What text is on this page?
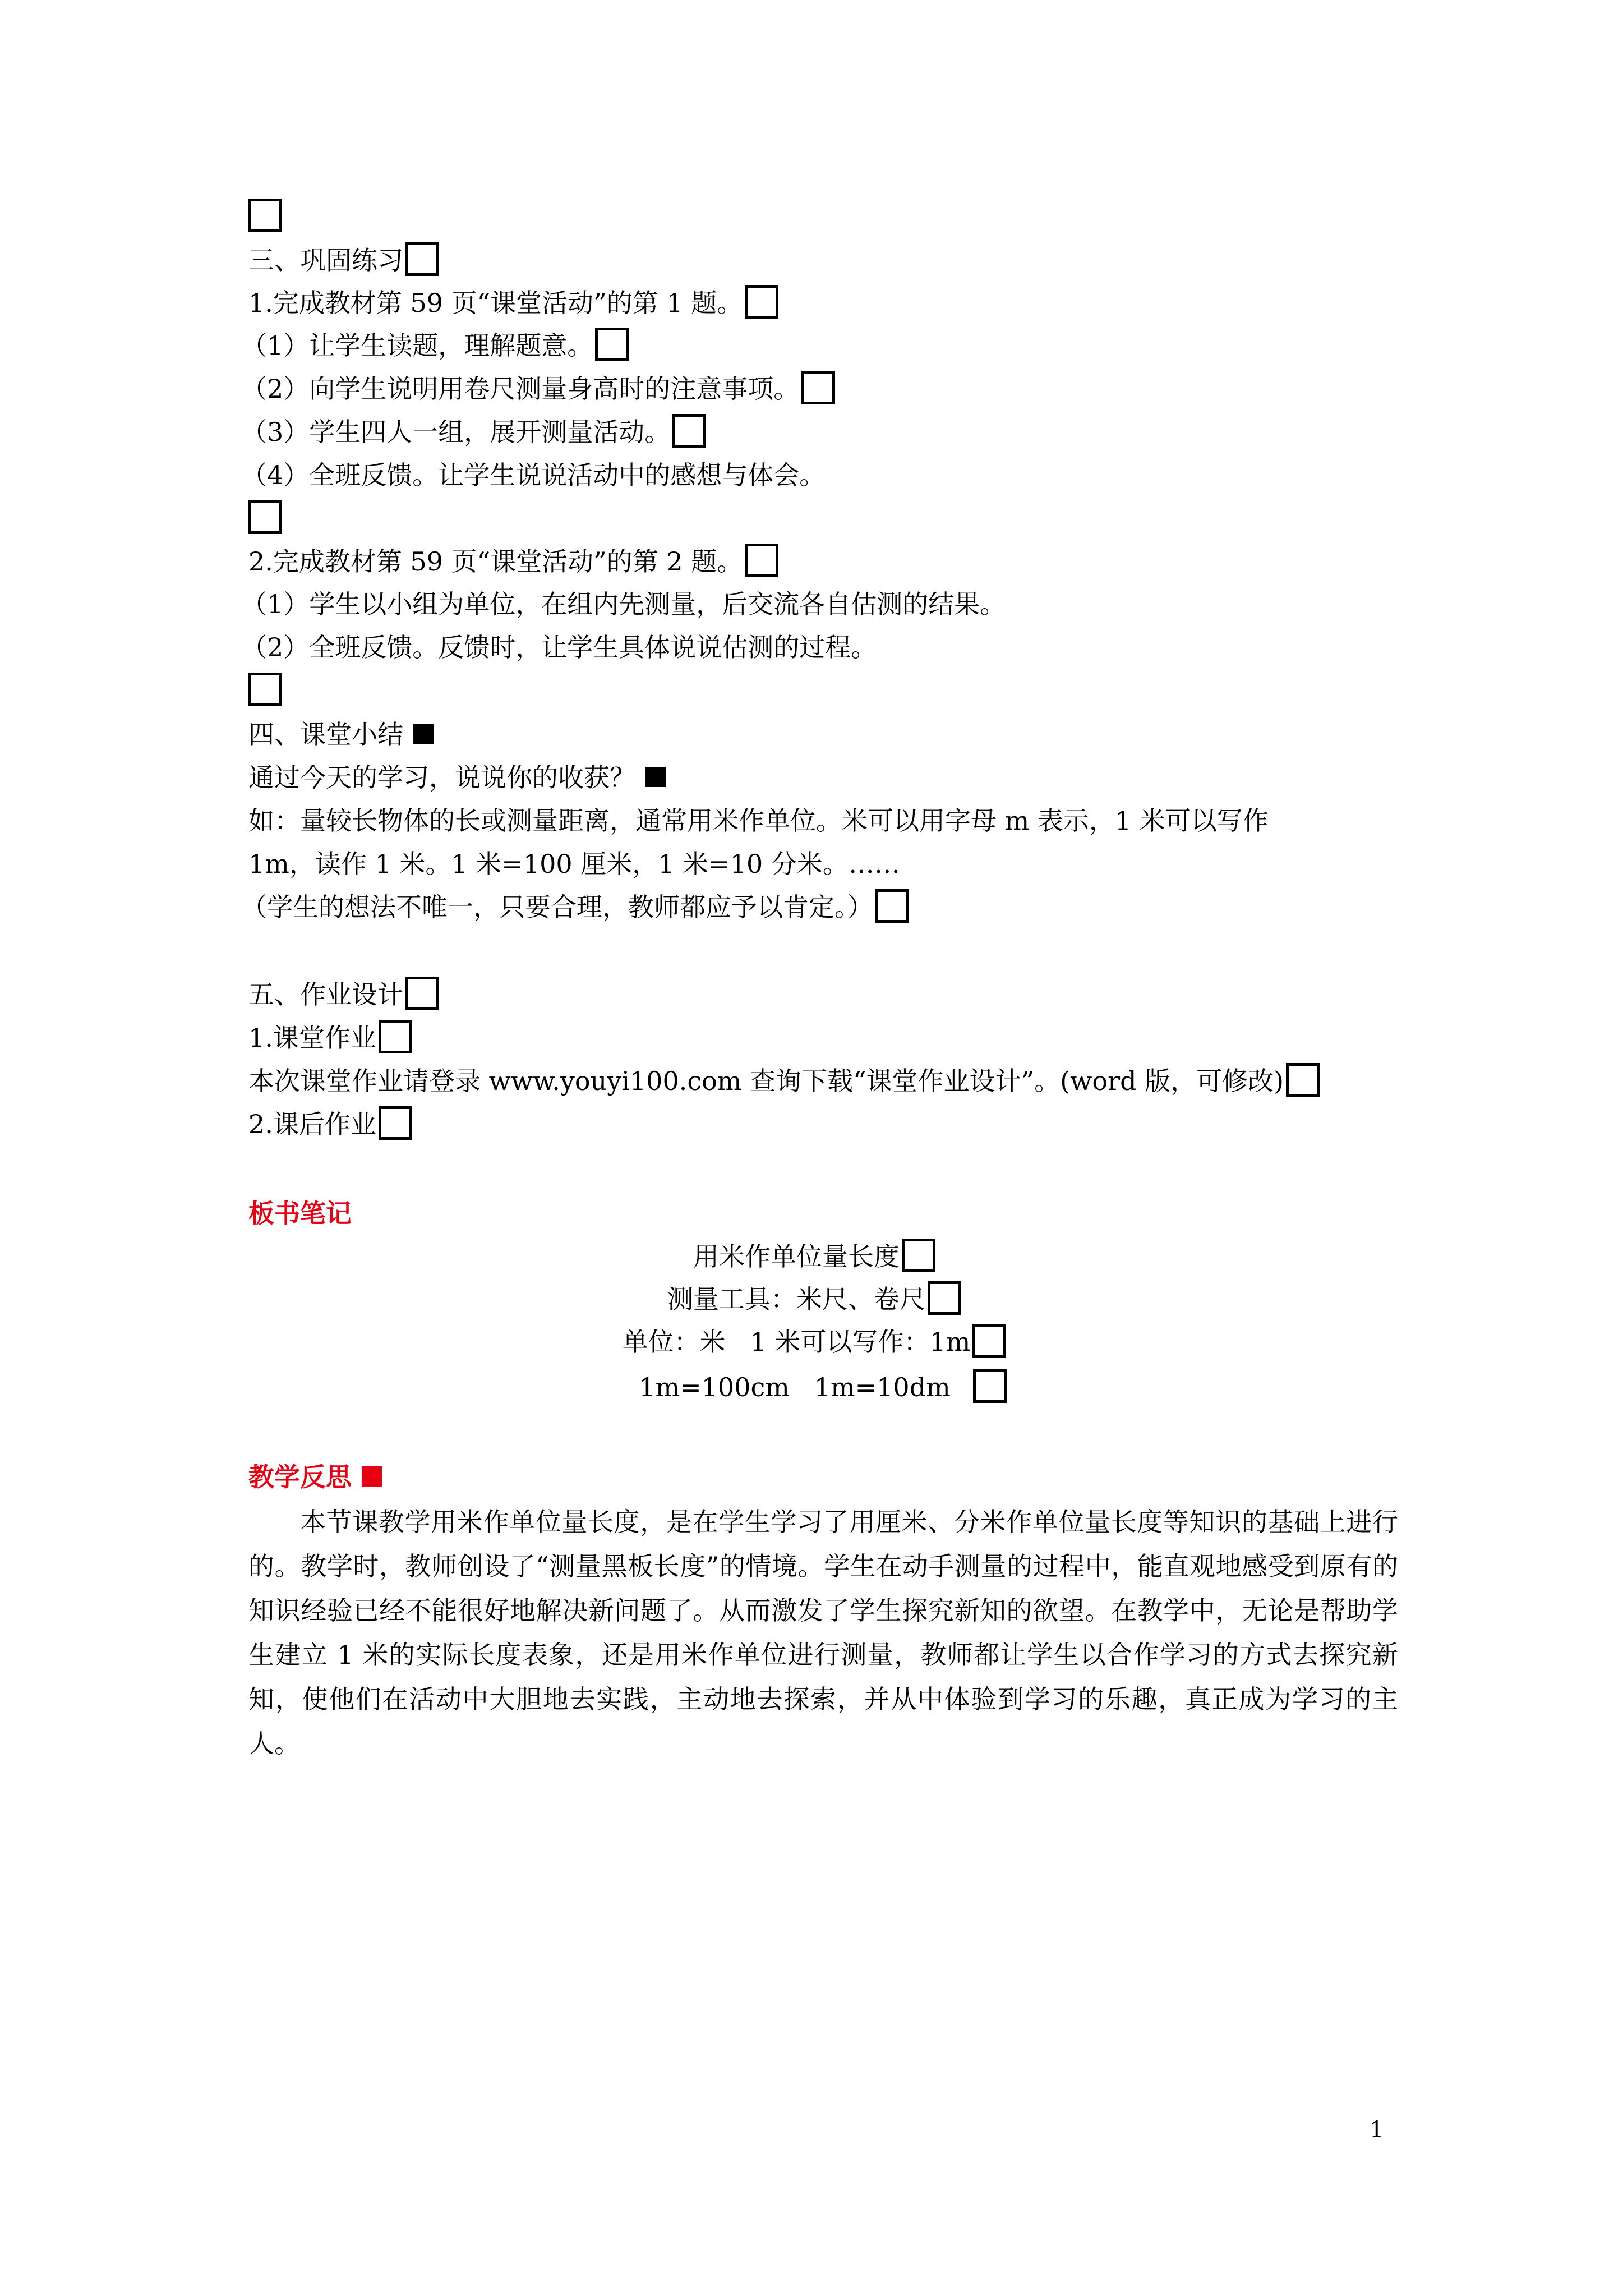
三、巩固练习
1.完成教材第 59 页“课堂活动”的第 1 题。
（1）让学生读题，理解题意。
（2）向学生说明用卷尺测量身高时的注意事项。
（3）学生四人一组，展开测量活动。
（4）全班反馈。让学生说说活动中的感想与体会。
2.完成教材第 59 页“课堂活动”的第 2 题。
（1）学生以小组为单位，在组内先测量，后交流各自估测的结果。
（2）全班反馈。反馈时，让学生具体说说估测的过程。
四、课堂小结
通过今天的学习，说说你的收获？
如：量较长物体的长或测量距离，通常用米作单位。米可以用字母 m 表示，1 米可以写作
1m，读作 1 米。1 米=100 厘米，1 米=10 分米。……
（学生的想法不唯一，只要合理，教师都应予以肯定。）
五、作业设计
1.课堂作业
本次课堂作业请登录 www.youyi100.com 查询下载“课堂作业设计”。(word 版，可修改)
2.课后作业
板书笔记
用米作单位量长度
测量工具：米尺、卷尺
单位：米   1 米可以写作：1m
1m=100cm   1m=10dm
教学反思
本节课教学用米作单位量长度，是在学生学习了用厘米、分米作单位量长度等知识的基础上进行的。教学时，教师创设了“测量黑板长度”的情境。学生在动手测量的过程中，能直观地感受到原有的知识经验已经不能很好地解决新问题了。从而激发了学生探究新知的欲望。在教学中，无论是帮助学生建立 1 米的实际长度表象，还是用米作单位进行测量，教师都让学生以合作学习的方式去探究新知，使他们在活动中大胆地去实践，主动地去探索，并从中体验到学习的乐趣，真正成为学习的主人。
1
